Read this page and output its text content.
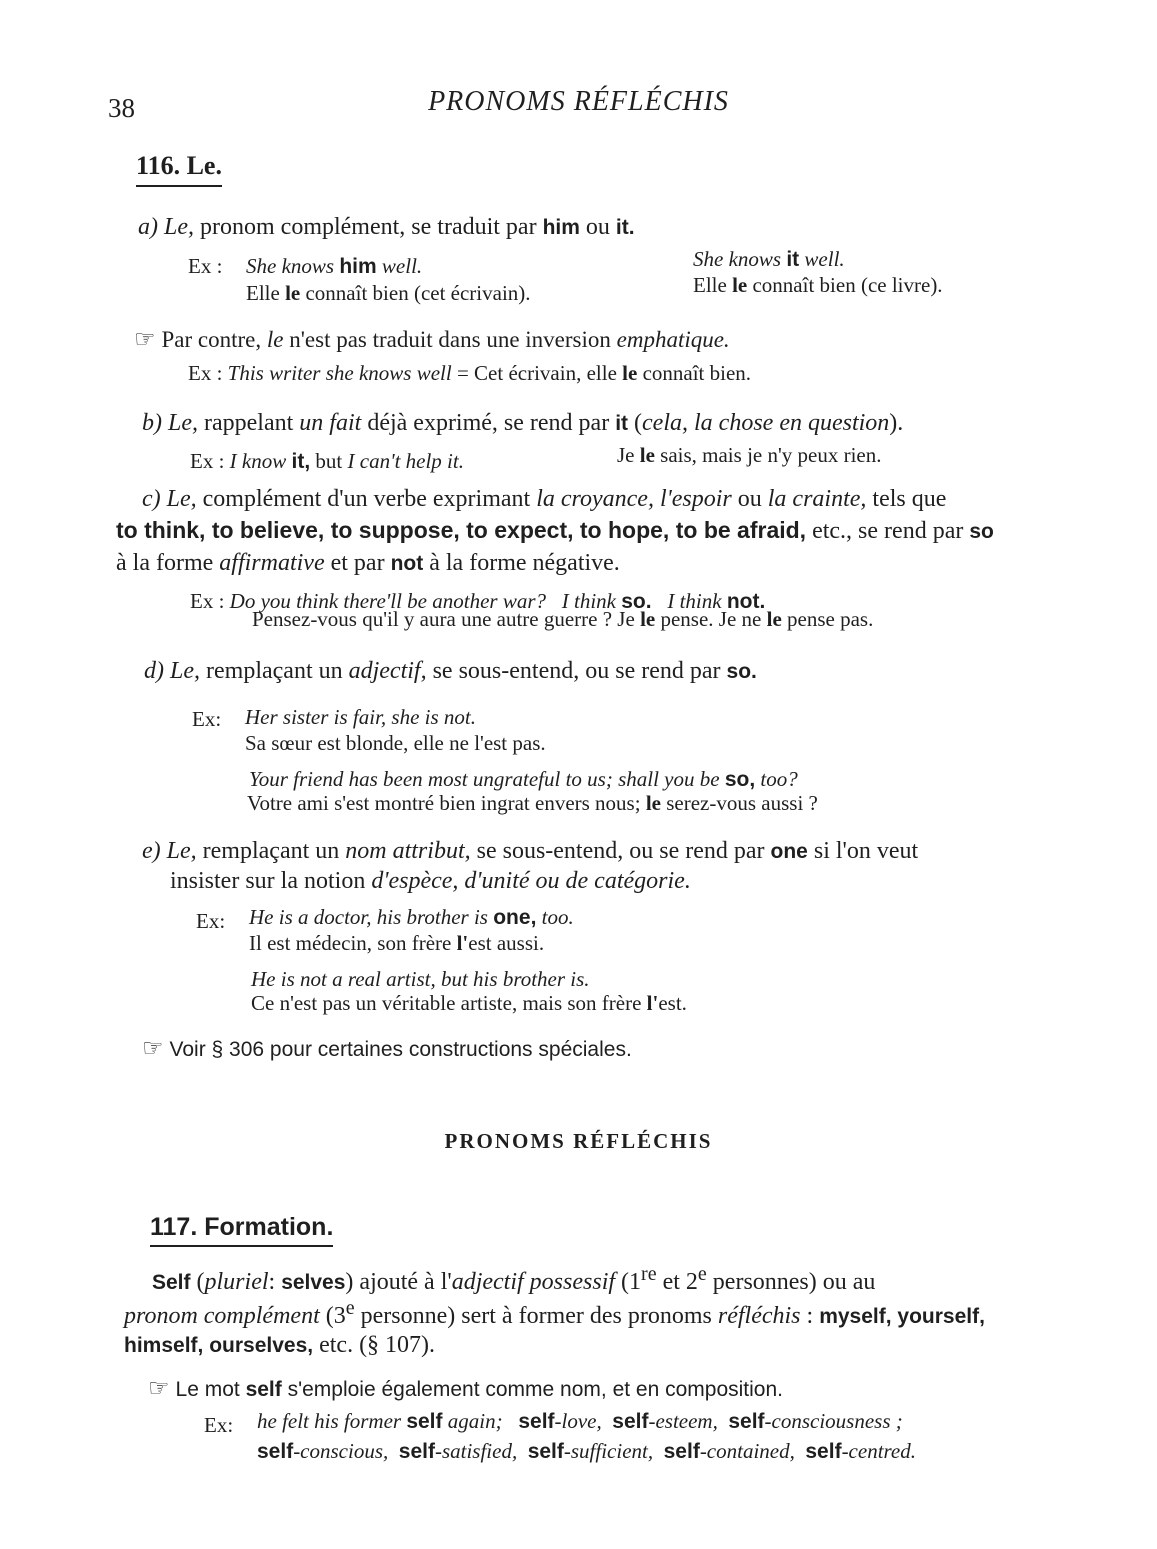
38	PRONOMS RÉFLÉCHIS
116. Le.
a) Le, pronom complément, se traduit par him ou it.
Ex : She knows him well.
Elle le connaît bien (cet écrivain).
She knows it well.
Elle le connaît bien (ce livre).
☞ Par contre, le n'est pas traduit dans une inversion emphatique.
Ex : This writer she knows well = Cet écrivain, elle le connaît bien.
b) Le, rappelant un fait déjà exprimé, se rend par it (cela, la chose en question).
Ex : I know it, but I can't help it.	Je le sais, mais je n'y peux rien.
c) Le, complément d'un verbe exprimant la croyance, l'espoir ou la crainte, tels que
to think, to believe, to suppose, to expect, to hope, to be afraid, etc., se rend par so
à la forme affirmative et par not à la forme négative.
Ex : Do you think there'll be another war? I think so. I think not.
Pensez-vous qu'il y aura une autre guerre ? Je le pense. Je ne le pense pas.
d) Le, remplaçant un adjectif, se sous-entend, ou se rend par so.
Ex: Her sister is fair, she is not.
Sa sœur est blonde, elle ne l'est pas.
Your friend has been most ungrateful to us; shall you be so, too?
Votre ami s'est montré bien ingrat envers nous; le serez-vous aussi ?
e) Le, remplaçant un nom attribut, se sous-entend, ou se rend par one si l'on veut
insister sur la notion d'espèce, d'unité ou de catégorie.
Ex: He is a doctor, his brother is one, too.
Il est médecin, son frère l'est aussi.
He is not a real artist, but his brother is.
Ce n'est pas un véritable artiste, mais son frère l'est.
☞ Voir § 306 pour certaines constructions spéciales.
PRONOMS RÉFLÉCHIS
117. Formation.
Self (pluriel: selves) ajouté à l'adjectif possessif (1re et 2e personnes) ou au
pronom complément (3e personne) sert à former des pronoms réfléchis : myself, yourself,
himself, ourselves, etc. (§ 107).
☞ Le mot self s'emploie également comme nom, et en composition.
Ex: he felt his former self again; self-love, self-esteem, self-consciousness ;
self-conscious, self-satisfied, self-sufficient, self-contained, self-centred.
